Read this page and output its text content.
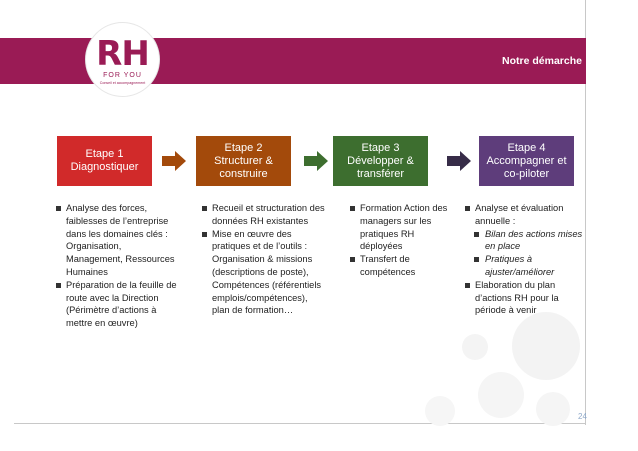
Notre démarche
RH
FOR YOU
Conseil et accompagnement
Etape 1
Diagnostiquer
Etape 2
Structurer &
construire
Etape 3
Développer &
transférer
Etape 4
Accompagner et
co-piloter
Analyse des forces,
faiblesses de l’entreprise
dans les domaines clés :
Organisation,
Management, Ressources
Humaines
Préparation de la feuille de
route avec la Direction
(Périmètre d’actions à
mettre en œuvre)
Recueil et structuration des
données RH existantes
Mise en œuvre des
pratiques et de l’outils :
Organisation & missions
(descriptions de poste),
Compétences (référentiels
emplois/compétences),
plan de formation…
Formation Action des
managers sur les
pratiques RH
déployées
Transfert de
compétences
Analyse et évaluation
annuelle :
Bilan des actions mises
en place
Pratiques à
ajuster/améliorer
Elaboration du plan
d’actions RH pour la
période à venir
24
